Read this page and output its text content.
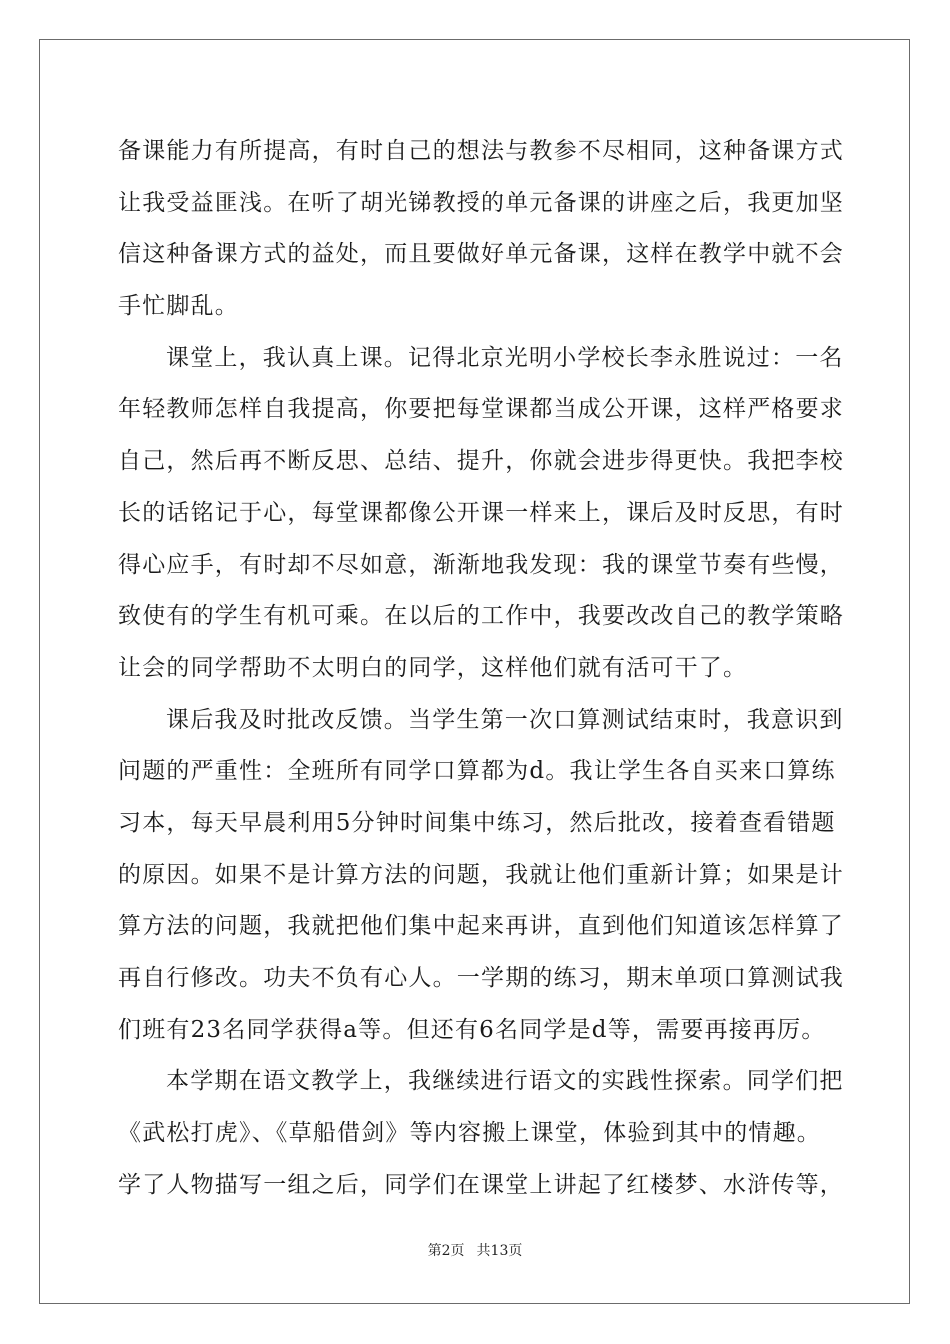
备课能力有所提高，有时自己的想法与教参不尽相同，这种备课方式
让我受益匪浅。在听了胡光锑教授的单元备课的讲座之后，我更加坚
信这种备课方式的益处，而且要做好单元备课，这样在教学中就不会
手忙脚乱。
课堂上，我认真上课。记得北京光明小学校长李永胜说过：一名
年轻教师怎样自我提高，你要把每堂课都当成公开课，这样严格要求
自己，然后再不断反思、总结、提升，你就会进步得更快。我把李校
长的话铭记于心，每堂课都像公开课一样来上，课后及时反思，有时
得心应手，有时却不尽如意，渐渐地我发现：我的课堂节奏有些慢，
致使有的学生有机可乘。在以后的工作中，我要改改自己的教学策略
让会的同学帮助不太明白的同学，这样他们就有活可干了。
课后我及时批改反馈。当学生第一次口算测试结束时，我意识到
问题的严重性：全班所有同学口算都为d。我让学生各自买来口算练
习本，每天早晨利用5分钟时间集中练习，然后批改，接着查看错题
的原因。如果不是计算方法的问题，我就让他们重新计算；如果是计
算方法的问题，我就把他们集中起来再讲，直到他们知道该怎样算了
再自行修改。功夫不负有心人。一学期的练习，期末单项口算测试我
们班有23名同学获得a等。但还有6名同学是d等，需要再接再厉。
本学期在语文教学上，我继续进行语文的实践性探索。同学们把
《武松打虎》、《草船借剑》等内容搬上课堂，体验到其中的情趣。
学了人物描写一组之后，同学们在课堂上讲起了红楼梦、水浒传等，
第2页 共13页
